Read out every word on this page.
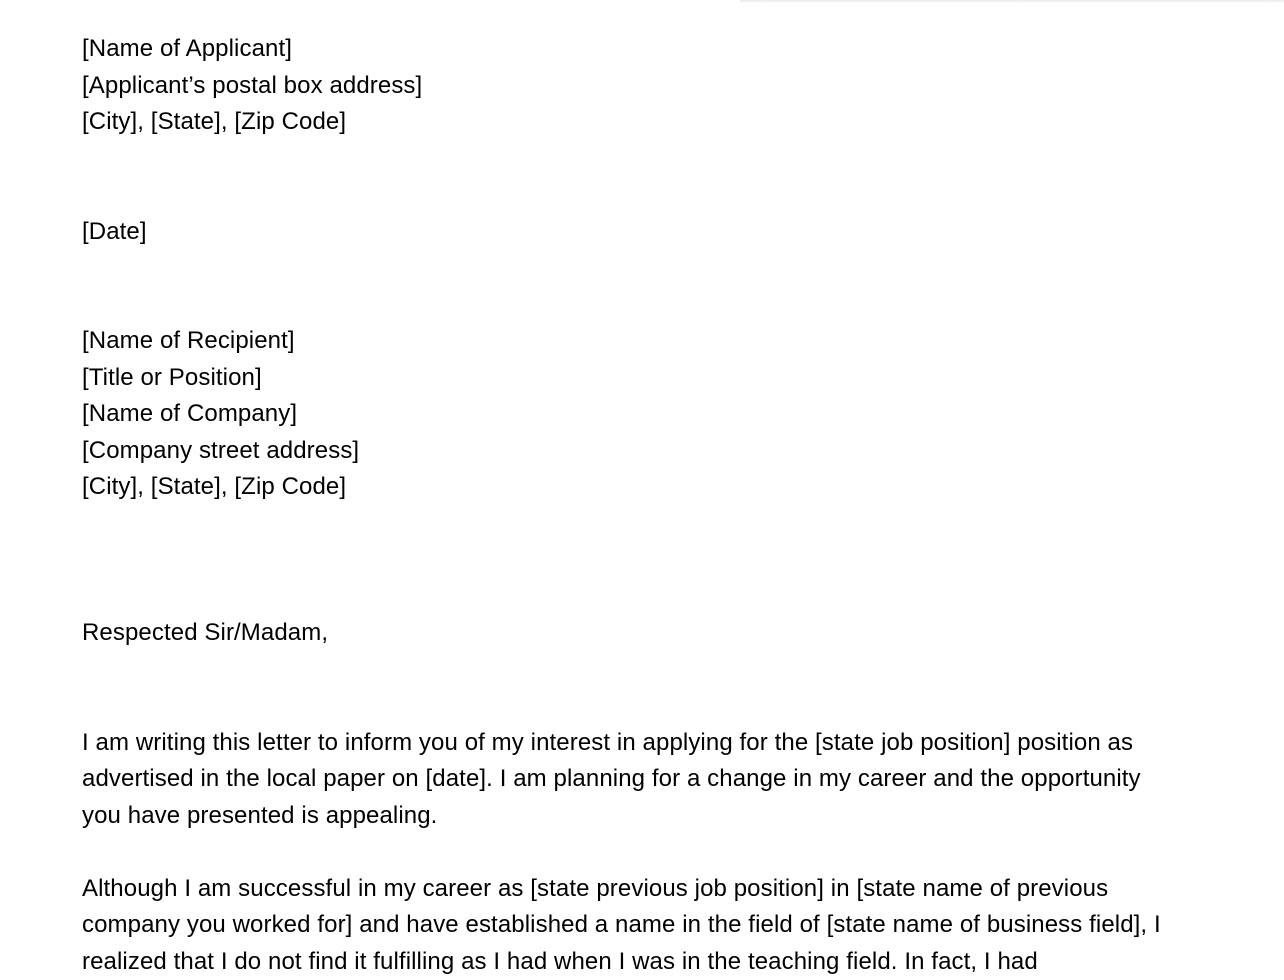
[Name of Applicant]
[Applicant’s postal box address]
[City], [State], [Zip Code]
[Date]
[Name of Recipient]
[Title or Position]
[Name of Company]
[Company street address]
[City], [State], [Zip Code]
Respected Sir/Madam,
I am writing this letter to inform you of my interest in applying for the [state job position] position as
advertised in the local paper on [date]. I am planning for a change in my career and the opportunity
you have presented is appealing.
Although I am successful in my career as [state previous job position] in [state name of previous
company you worked for] and have established a name in the field of [state name of business field], I
realized that I do not find it fulfilling as I had when I was in the teaching field. In fact, I had
